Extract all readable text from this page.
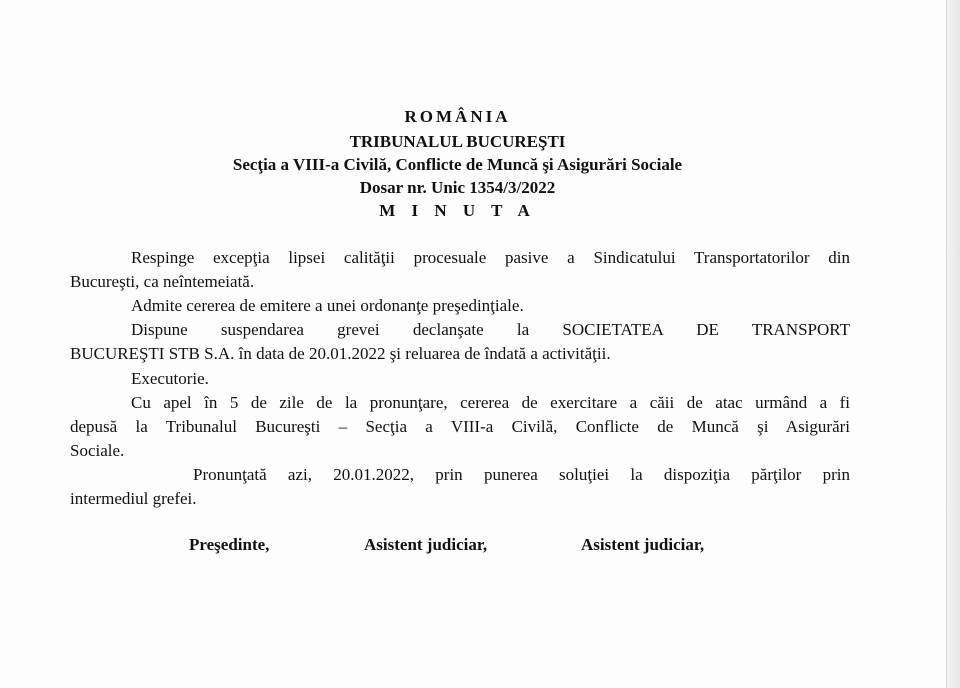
ROMÂNIA
TRIBUNALUL BUCUREŞTI
Secţia a VIII-a Civilă, Conflicte de Muncă şi Asigurări Sociale
Dosar nr. Unic 1354/3/2022
M I N U T A
Respinge excepţia lipsei calităţii procesuale pasive a Sindicatului Transportatorilor din
Bucureşti, ca neîntemeiată.
Admite cererea de emitere a unei ordonanţe preşedinţiale.
Dispune suspendarea grevei declanşate la SOCIETATEA DE TRANSPORT
BUCUREŞTI STB S.A. în data de 20.01.2022 şi reluarea de îndată a activităţii.
Executorie.
Cu apel în 5 de zile de la pronunţare, cererea de exercitare a căii de atac urmând a fi
depusă la Tribunalul Bucureşti – Secţia a VIII-a Civilă, Conflicte de Muncă şi Asigurări
Sociale.
Pronunţată azi, 20.01.2022, prin punerea soluţiei la dispoziţia părţilor prin
intermediul grefei.
Preşedinte,	Asistent judiciar,	Asistent judiciar,
